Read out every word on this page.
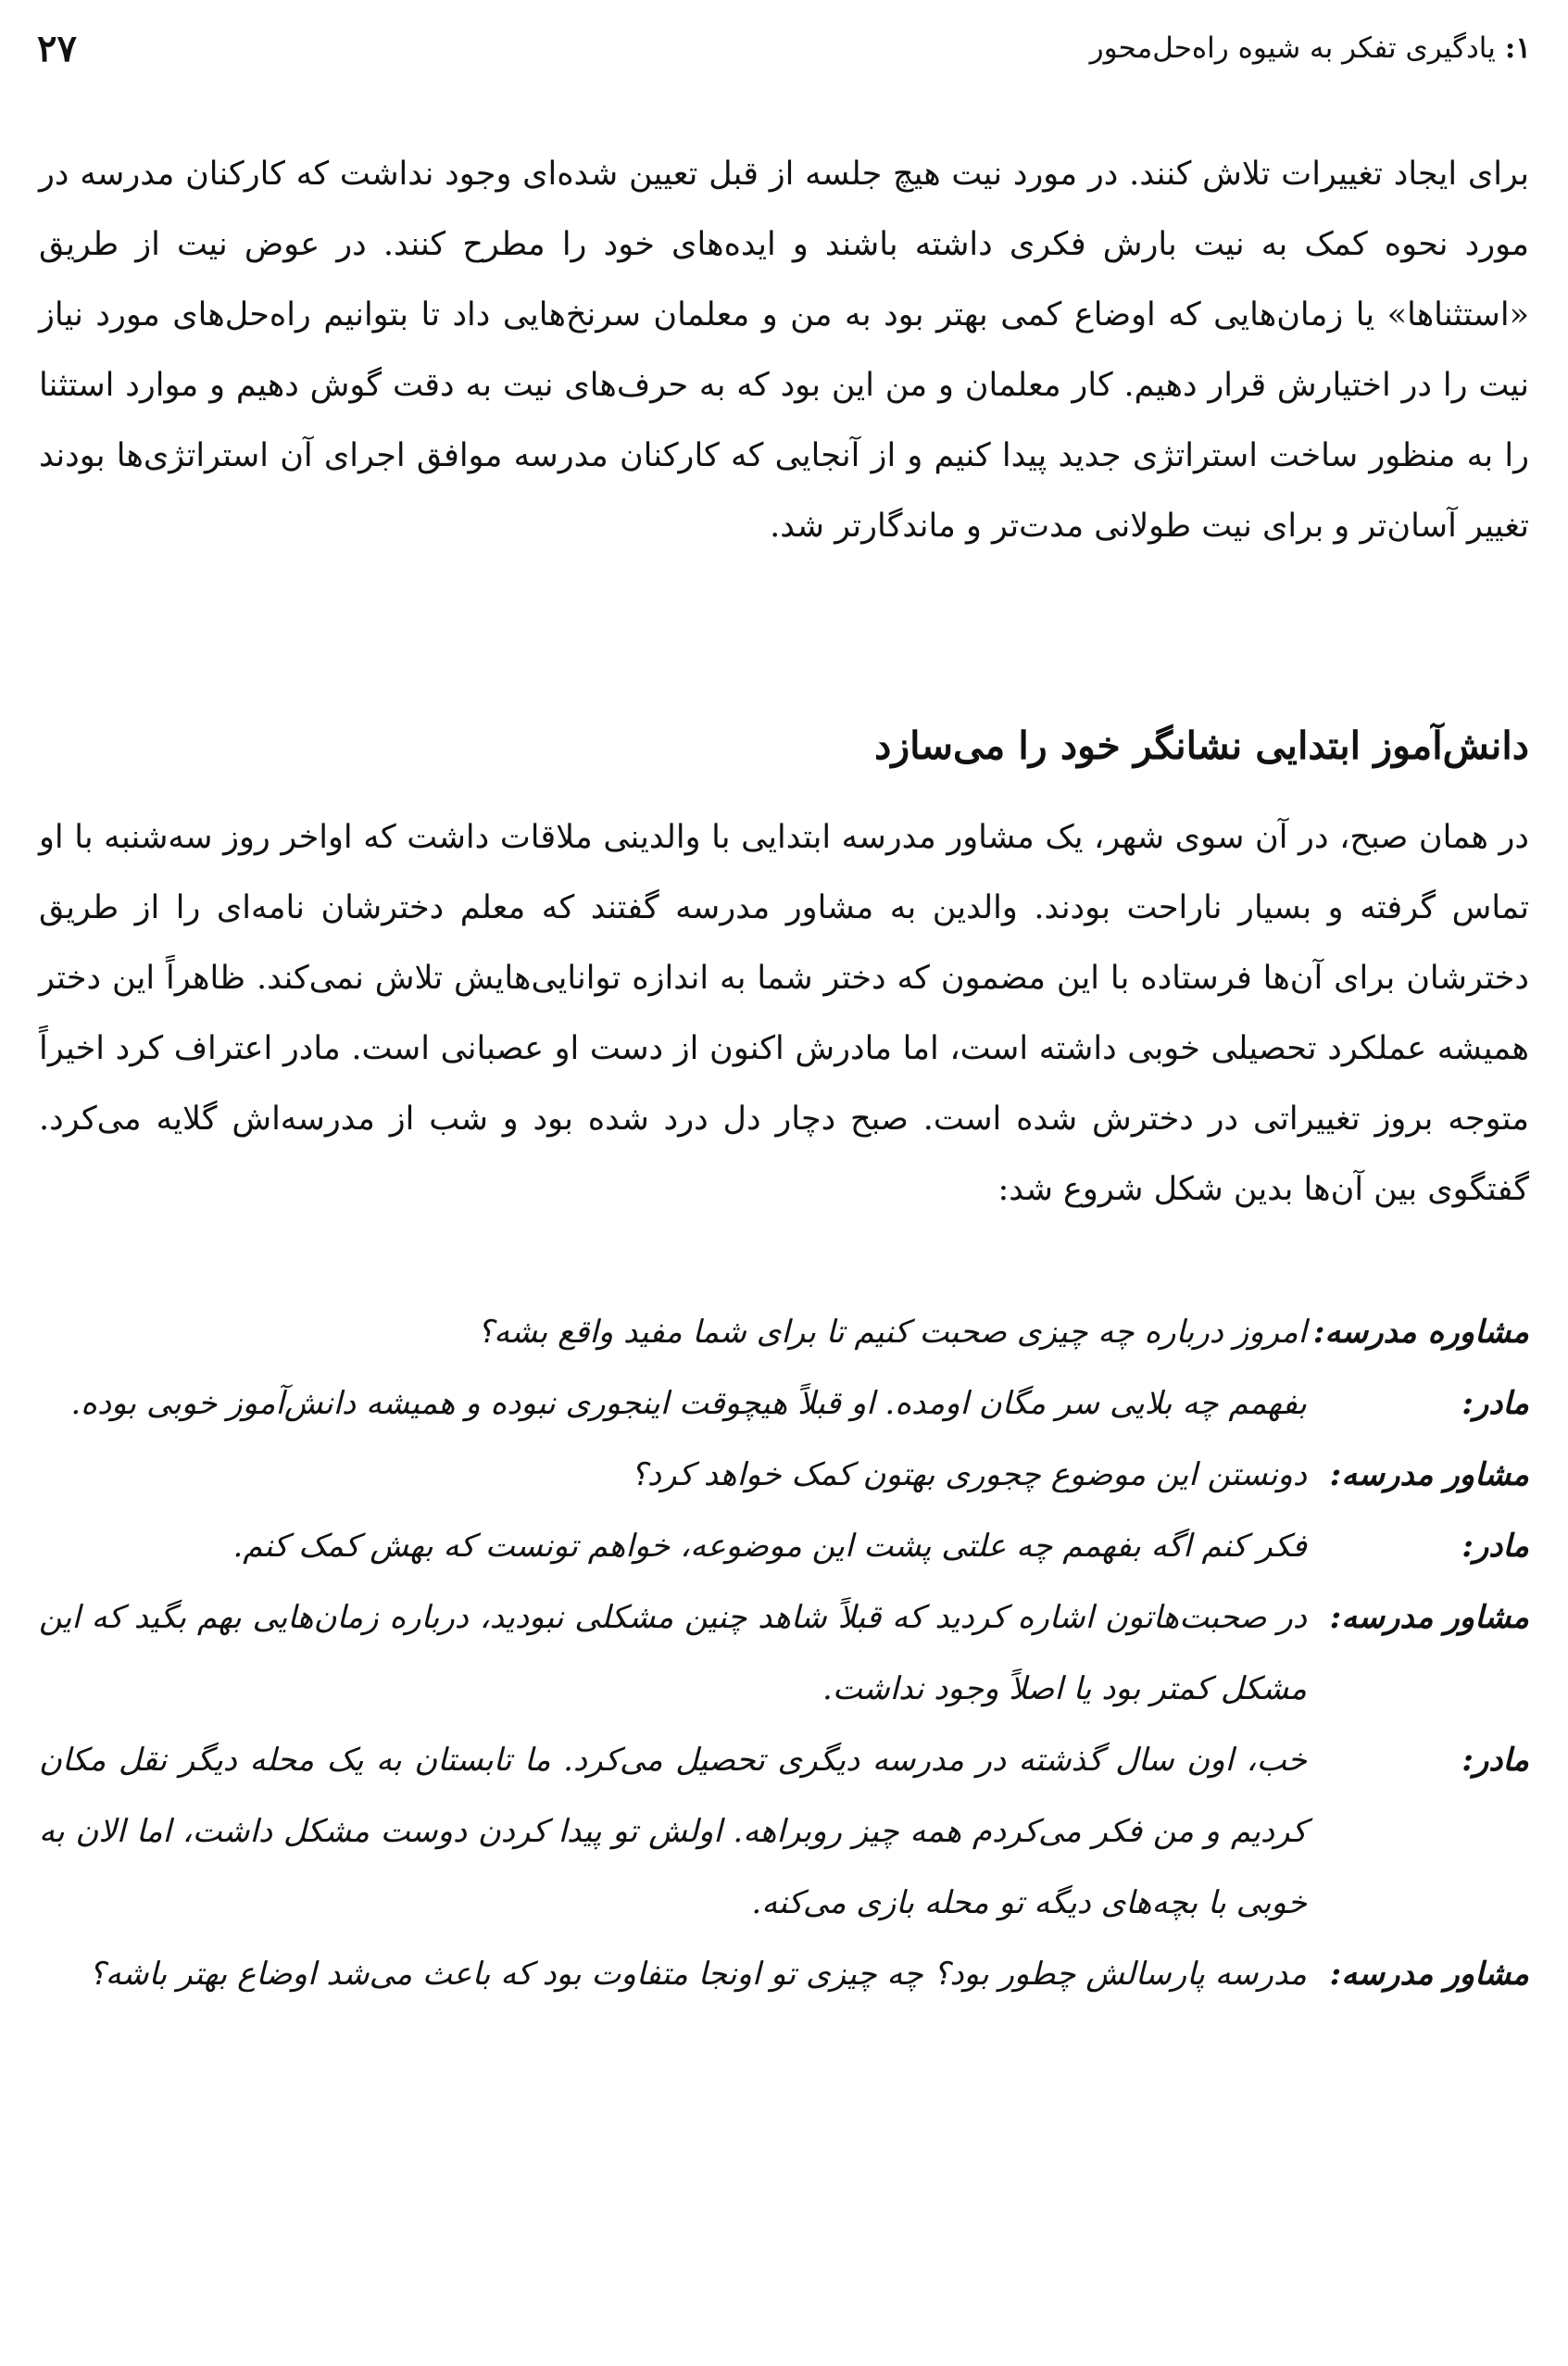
۱:
یادگیری تفکر به شیوه راه‌حل‌محور
۲۷

برای ایجاد تغییرات تلاش کنند. در مورد نیت هیچ جلسه از قبل تعیین شده‌ای وجود نداشت که کارکنان مدرسه در مورد نحوه کمک به نیت بارش فکری داشته باشند و ایده‌های خود را مطرح کنند. در عوض نیت از طریق «استثناها» یا زمان‌هایی که اوضاع کمی بهتر بود به من و معلمان سرنخ‌هایی داد تا بتوانیم راه‌حل‌های مورد نیاز نیت را در اختیارش قرار دهیم. کار معلمان و من این بود که به حرف‌های نیت به دقت گوش دهیم و موارد استثنا را به منظور ساخت استراتژی جدید پیدا کنیم و از آنجایی که کارکنان مدرسه موافق اجرای آن استراتژی‌ها بودند تغییر آسان‌تر و برای نیت طولانی مدت‌تر و ماندگارتر شد.

دانش‌آموز ابتدایی نشانگر خود را می‌سازد

در همان صبح، در آن سوی شهر، یک مشاور مدرسه ابتدایی با والدینی ملاقات داشت که اواخر روز سه‌شنبه با او تماس گرفته و بسیار ناراحت بودند. والدین به مشاور مدرسه گفتند که معلم دخترشان نامه‌ای را از طریق دخترشان برای آن‌ها فرستاده با این مضمون که دختر شما به اندازه توانایی‌هایش تلاش نمی‌کند. ظاهراً این دختر همیشه عملکرد تحصیلی خوبی داشته است، اما مادرش اکنون از دست او عصبانی است. مادر اعتراف کرد اخیراً متوجه بروز تغییراتی در دخترش شده است. صبح دچار دل درد شده بود و شب از مدرسه‌اش گلایه می‌کرد. گفتگوی بین آن‌ها بدین شکل شروع شد:

مشاوره مدرسه:
امروز درباره چه چیزی صحبت کنیم تا برای شما مفید واقع بشه؟
مادر:
بفهمم چه بلایی سر مگان اومده. او قبلاً هیچوقت اینجوری نبوده و همیشه دانش‌آموز خوبی بوده.
مشاور مدرسه:
دونستن این موضوع چجوری بهتون کمک خواهد کرد؟
مادر:
فکر کنم اگه بفهمم چه علتی پشت این موضوعه، خواهم تونست که بهش کمک کنم.
مشاور مدرسه:
در صحبت‌هاتون اشاره کردید که قبلاً شاهد چنین مشکلی نبودید، درباره زمان‌هایی بهم بگید که این مشکل کمتر بود یا اصلاً وجود نداشت.
مادر:
خب، اون سال گذشته در مدرسه دیگری تحصیل می‌کرد. ما تابستان به یک محله دیگر نقل مکان کردیم و من فکر می‌کردم همه چیز روبراهه. اولش تو پیدا کردن دوست مشکل داشت، اما الان به خوبی با بچه‌های دیگه تو محله بازی می‌کنه.
مشاور مدرسه:
مدرسه پارسالش چطور بود؟ چه چیزی تو اونجا متفاوت بود که باعث می‌شد اوضاع بهتر باشه؟
